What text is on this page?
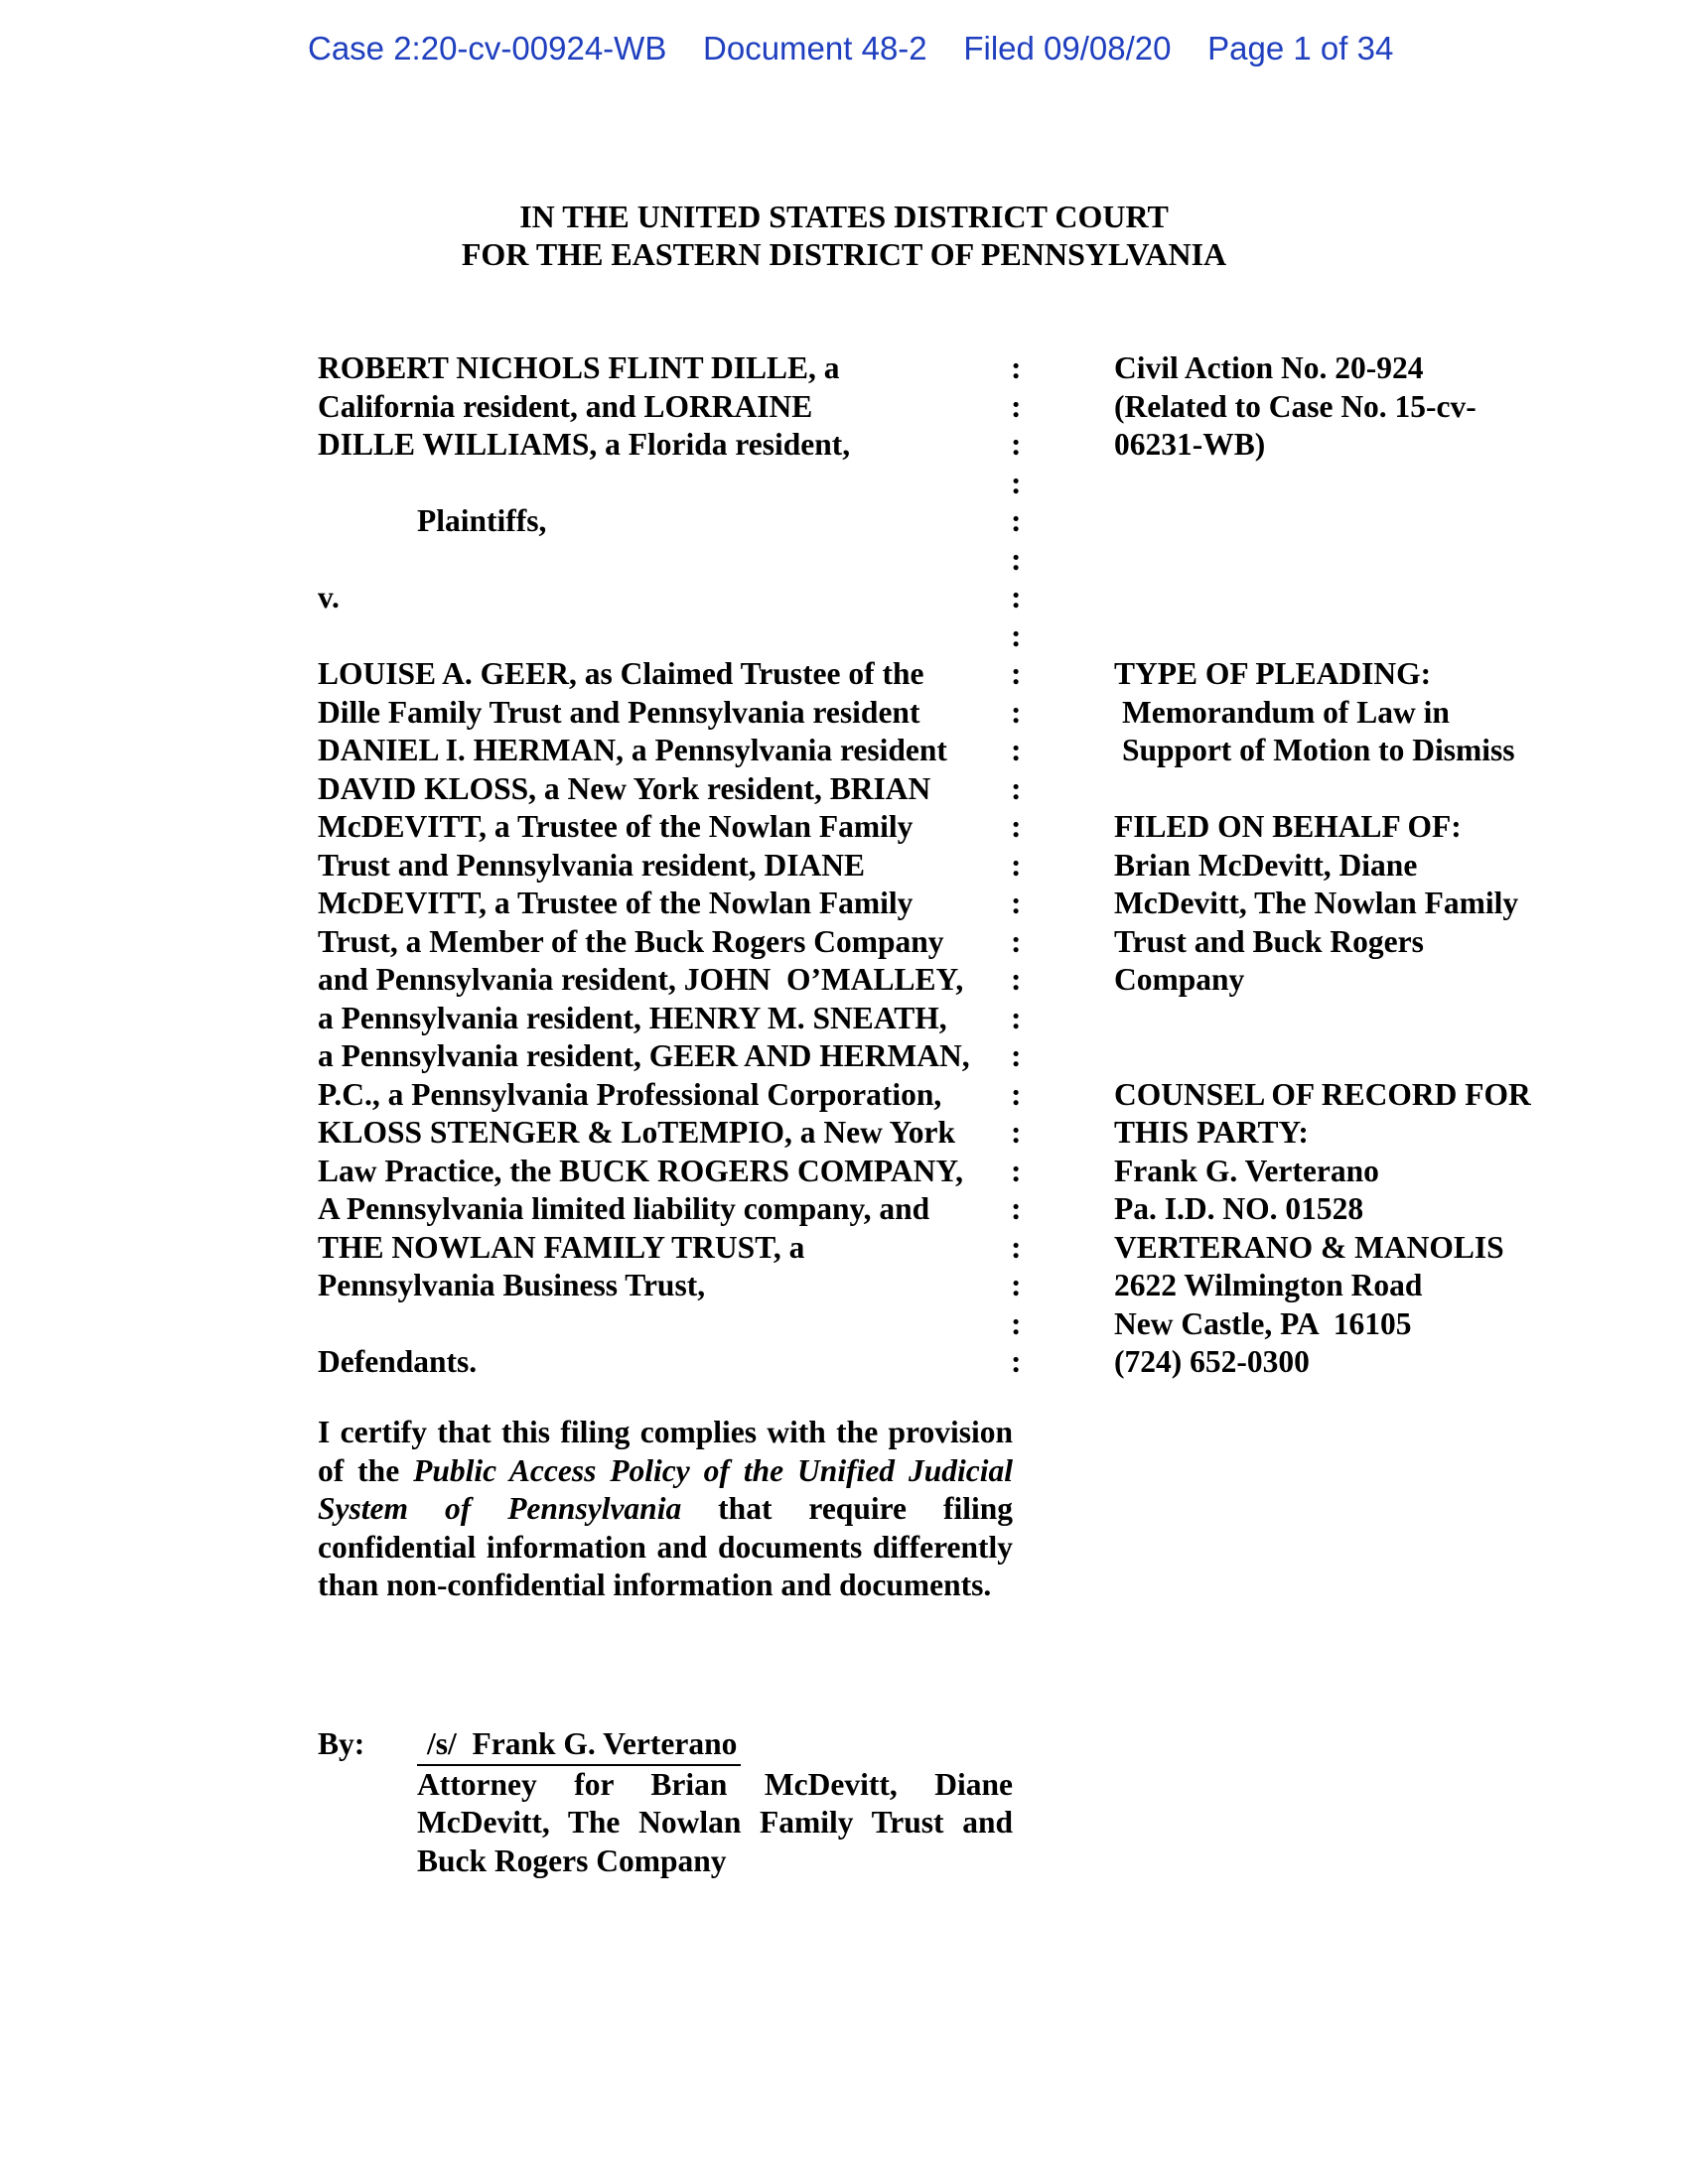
Case 2:20-cv-00924-WB Document 48-2 Filed 09/08/20 Page 1 of 34
IN THE UNITED STATES DISTRICT COURT
FOR THE EASTERN DISTRICT OF PENNSYLVANIA
ROBERT NICHOLS FLINT DILLE, a
California resident, and LORRAINE
DILLE WILLIAMS, a Florida resident,
Plaintiffs,
v.
LOUISE A. GEER, as Claimed Trustee of the
Dille Family Trust and Pennsylvania resident
DANIEL I. HERMAN, a Pennsylvania resident
DAVID KLOSS, a New York resident, BRIAN
McDEVITT, a Trustee of the Nowlan Family
Trust and Pennsylvania resident, DIANE
McDEVITT, a Trustee of the Nowlan Family
Trust, a Member of the Buck Rogers Company
and Pennsylvania resident, JOHN  O’MALLEY,
a Pennsylvania resident, HENRY M. SNEATH,
a Pennsylvania resident, GEER AND HERMAN,
P.C., a Pennsylvania Professional Corporation,
KLOSS STENGER & LoTEMPIO, a New York
Law Practice, the BUCK ROGERS COMPANY,
A Pennsylvania limited liability company, and
THE NOWLAN FAMILY TRUST, a
Pennsylvania Business Trust,
Defendants.
:
:
:
:
:
:
:
:
:
:
:
:
:
:
:
:
:
:
:
:
:
:
:
:
:
:
:
Civil Action No. 20-924
(Related to Case No. 15-cv-
06231-WB)
TYPE OF PLEADING:
Memorandum of Law in
Support of Motion to Dismiss
FILED ON BEHALF OF:
Brian McDevitt, Diane
McDevitt, The Nowlan Family
Trust and Buck Rogers
Company
COUNSEL OF RECORD FOR
THIS PARTY:
Frank G. Verterano
Pa. I.D. NO. 01528
VERTERANO & MANOLIS
2622 Wilmington Road
New Castle, PA  16105
(724) 652-0300
I certify that this filing complies with the provision of the Public Access Policy of the Unified Judicial System of Pennsylvania that require filing confidential information and documents differently than non-confidential information and documents.
By:	/s/  Frank G. Verterano
Attorney for Brian McDevitt, Diane McDevitt, The Nowlan Family Trust and Buck Rogers Company
